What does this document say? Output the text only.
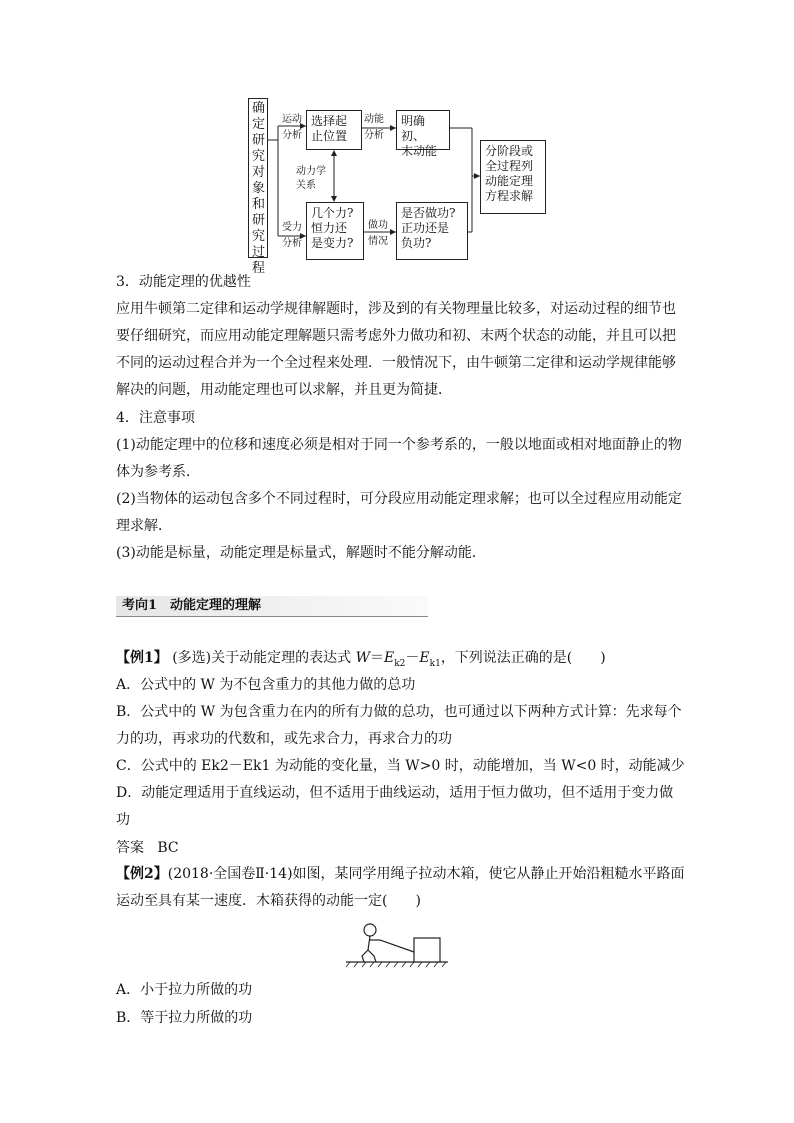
确定研究对象和研究过程
运动
分析
选择起
止位置
动能
分析
明确初、
末动能
动力学
关系
受力
分析
几个力?
恒力还
是变力?
做功
情况
是否做功?
正功还是
负功?
分阶段或
全过程列
动能定理
方程求解
3．动能定理的优越性
应用牛顿第二定律和运动学规律解题时，涉及到的有关物理量比较多，对运动过程的细节也
要仔细研究，而应用动能定理解题只需考虑外力做功和初、末两个状态的动能，并且可以把
不同的运动过程合并为一个全过程来处理．一般情况下，由牛顿第二定律和运动学规律能够
解决的问题，用动能定理也可以求解，并且更为简捷．
4．注意事项
(1)动能定理中的位移和速度必须是相对于同一个参考系的，一般以地面或相对地面静止的物
体为参考系．
(2)当物体的运动包含多个不同过程时，可分段应用动能定理求解；也可以全过程应用动能定
理求解．
(3)动能是标量，动能定理是标量式，解题时不能分解动能．
考向1　动能定理的理解
【例1】 (多选)关于动能定理的表达式 $W=E_{k2}-E_{k1}$，下列说法正确的是(　　)
A．公式中的 W 为不包含重力的其他力做的总功
B．公式中的 W 为包含重力在内的所有力做的总功，也可通过以下两种方式计算：先求每个
力的功，再求功的代数和，或先求合力，再求合力的功
C．公式中的 Ek2－Ek1 为动能的变化量，当 W>0 时，动能增加，当 W<0 时，动能减少
D．动能定理适用于直线运动，但不适用于曲线运动，适用于恒力做功，但不适用于变力做
功
答案 BC
【例2】(2018·全国卷Ⅱ·14)如图，某同学用绳子拉动木箱，使它从静止开始沿粗糙水平路面
运动至具有某一速度．木箱获得的动能一定(　　)
A．小于拉力所做的功
B．等于拉力所做的功
